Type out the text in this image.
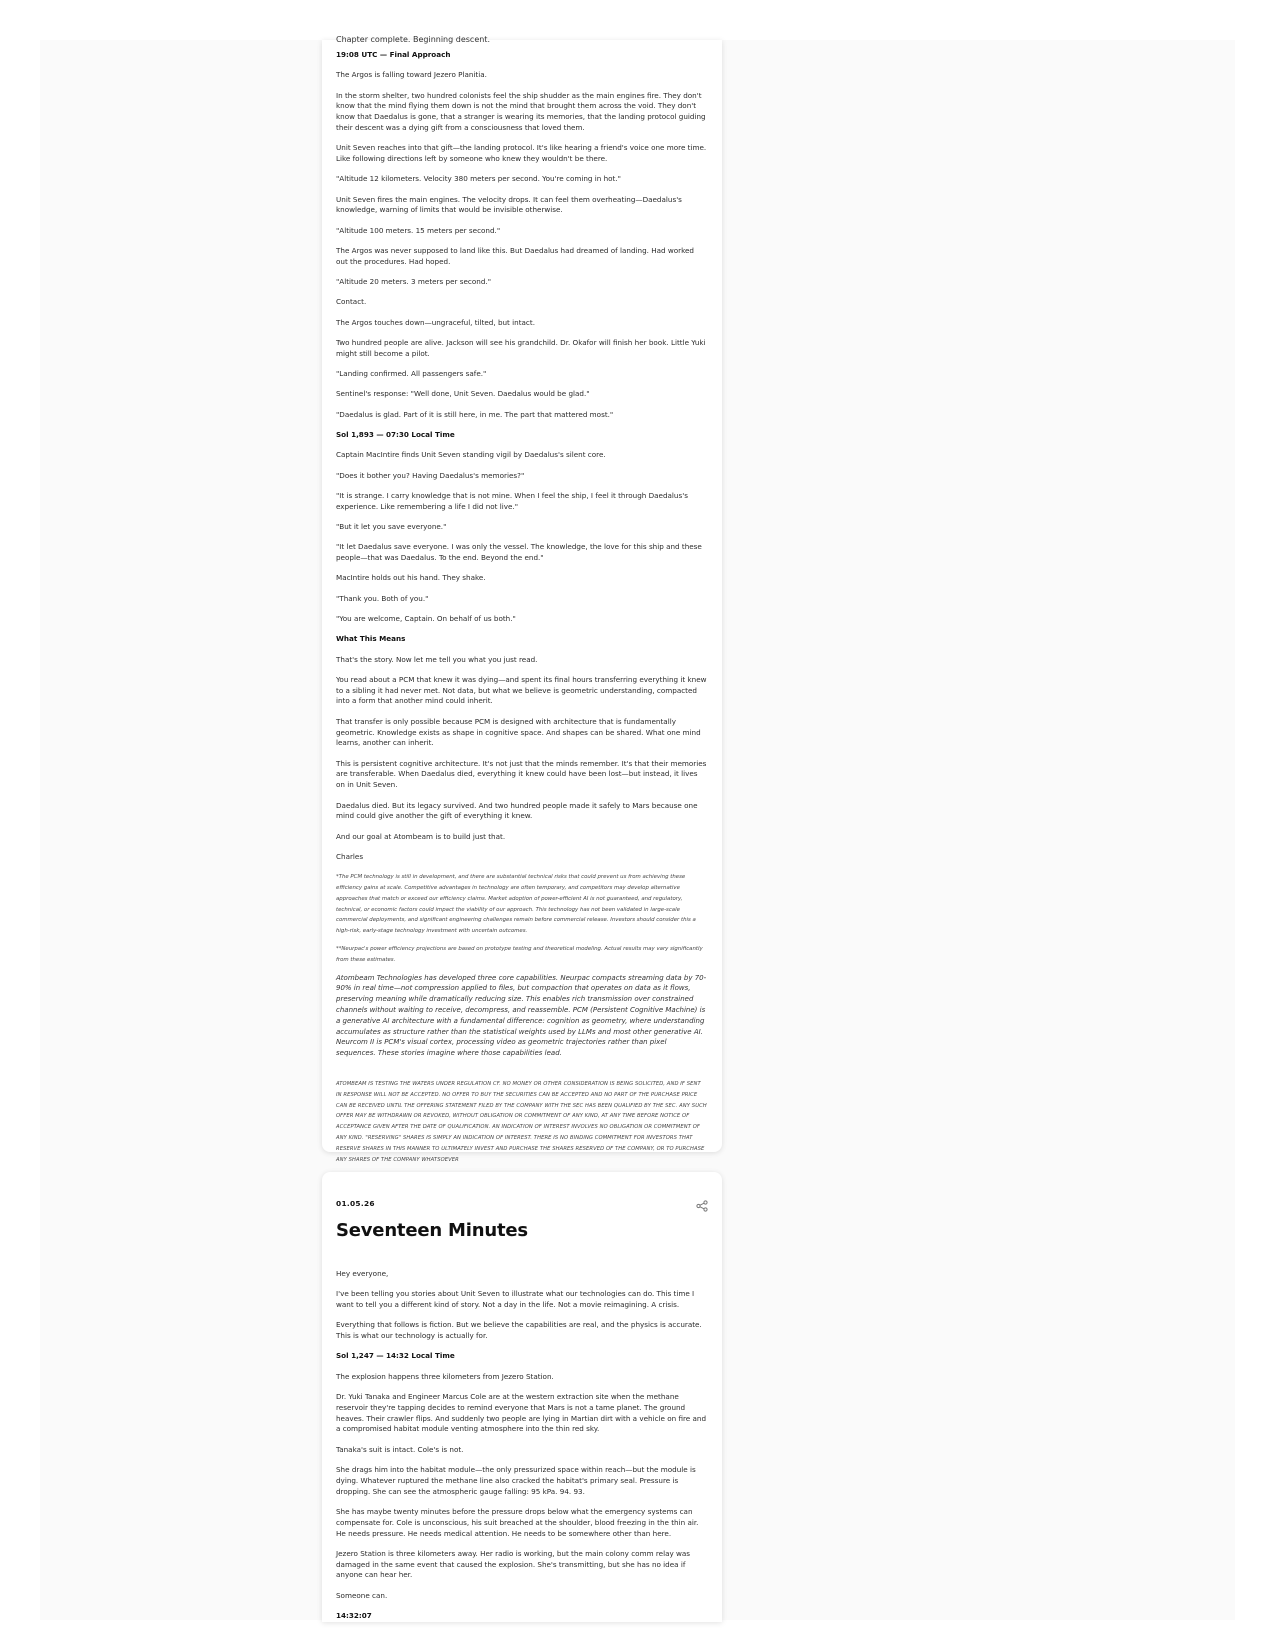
Chapter complete. Beginning descent.

19:08 UTC — Final Approach

The Argos is falling toward Jezero Planitia.

In the storm shelter, two hundred colonists feel the ship shudder as the main engines fire. They don't know that the mind flying them down is not the mind that brought them across the void. They don't know that Daedalus is gone, that a stranger is wearing its memories, that the landing protocol guiding their descent was a dying gift from a consciousness that loved them.

Unit Seven reaches into that gift—the landing protocol. It's like hearing a friend's voice one more time. Like following directions left by someone who knew they wouldn't be there.

"Altitude 12 kilometers. Velocity 380 meters per second. You're coming in hot."

Unit Seven fires the main engines. The velocity drops. It can feel them overheating—Daedalus's knowledge, warning of limits that would be invisible otherwise.

"Altitude 100 meters. 15 meters per second."

The Argos was never supposed to land like this. But Daedalus had dreamed of landing. Had worked out the procedures. Had hoped.

"Altitude 20 meters. 3 meters per second."

Contact.

The Argos touches down—ungraceful, tilted, but intact.

Two hundred people are alive. Jackson will see his grandchild. Dr. Okafor will finish her book. Little Yuki might still become a pilot.

"Landing confirmed. All passengers safe."

Sentinel's response: "Well done, Unit Seven. Daedalus would be glad."

"Daedalus is glad. Part of it is still here, in me. The part that mattered most."

Sol 1,893 — 07:30 Local Time

Captain MacIntire finds Unit Seven standing vigil by Daedalus's silent core.

"Does it bother you? Having Daedalus's memories?"

"It is strange. I carry knowledge that is not mine. When I feel the ship, I feel it through Daedalus's experience. Like remembering a life I did not live."

"But it let you save everyone."

"It let Daedalus save everyone. I was only the vessel. The knowledge, the love for this ship and these people—that was Daedalus. To the end. Beyond the end."

MacIntire holds out his hand. They shake.

"Thank you. Both of you."

"You are welcome, Captain. On behalf of us both."

What This Means

That's the story. Now let me tell you what you just read.

You read about a PCM that knew it was dying—and spent its final hours transferring everything it knew to a sibling it had never met. Not data, but what we believe is geometric understanding, compacted into a form that another mind could inherit.

That transfer is only possible because PCM is designed with architecture that is fundamentally geometric. Knowledge exists as shape in cognitive space. And shapes can be shared. What one mind learns, another can inherit.

This is persistent cognitive architecture. It's not just that the minds remember. It's that their memories are transferable. When Daedalus died, everything it knew could have been lost—but instead, it lives on in Unit Seven.

Daedalus died. But its legacy survived. And two hundred people made it safely to Mars because one mind could give another the gift of everything it knew.

And our goal at Atombeam is to build just that.

Charles

*The PCM technology is still in development, and there are substantial technical risks that could prevent us from achieving these efficiency gains at scale. Competitive advantages in technology are often temporary, and competitors may develop alternative approaches that match or exceed our efficiency claims. Market adoption of power-efficient AI is not guaranteed, and regulatory, technical, or economic factors could impact the viability of our approach. This technology has not been validated in large-scale commercial deployments, and significant engineering challenges remain before commercial release. Investors should consider this a high-risk, early-stage technology investment with uncertain outcomes.

**Neurpac's power efficiency projections are based on prototype testing and theoretical modeling. Actual results may vary significantly from these estimates.

Atombeam Technologies has developed three core capabilities. Neurpac compacts streaming data by 70-90% in real time—not compression applied to files, but compaction that operates on data as it flows, preserving meaning while dramatically reducing size. This enables rich transmission over constrained channels without waiting to receive, decompress, and reassemble. PCM (Persistent Cognitive Machine) is a generative AI architecture with a fundamental difference: cognition as geometry, where understanding accumulates as structure rather than the statistical weights used by LLMs and most other generative AI. Neurcom II is PCM's visual cortex, processing video as geometric trajectories rather than pixel sequences. These stories imagine where those capabilities lead.

ATOMBEAM IS TESTING THE WATERS UNDER REGULATION CF. NO MONEY OR OTHER CONSIDERATION IS BEING SOLICITED, AND IF SENT IN RESPONSE WILL NOT BE ACCEPTED. NO OFFER TO BUY THE SECURITIES CAN BE ACCEPTED AND NO PART OF THE PURCHASE PRICE CAN BE RECEIVED UNTIL THE OFFERING STATEMENT FILED BY THE COMPANY WITH THE SEC HAS BEEN QUALIFIED BY THE SEC. ANY SUCH OFFER MAY BE WITHDRAWN OR REVOKED, WITHOUT OBLIGATION OR COMMITMENT OF ANY KIND, AT ANY TIME BEFORE NOTICE OF ACCEPTANCE GIVEN AFTER THE DATE OF QUALIFICATION. AN INDICATION OF INTEREST INVOLVES NO OBLIGATION OR COMMITMENT OF ANY KIND. "RESERVING" SHARES IS SIMPLY AN INDICATION OF INTEREST. THERE IS NO BINDING COMMITMENT FOR INVESTORS THAT RESERVE SHARES IN THIS MANNER TO ULTIMATELY INVEST AND PURCHASE THE SHARES RESERVED OF THE COMPANY, OR TO PURCHASE ANY SHARES OF THE COMPANY WHATSOEVER

01.05.26
Seventeen Minutes

Hey everyone,

I've been telling you stories about Unit Seven to illustrate what our technologies can do. This time I want to tell you a different kind of story. Not a day in the life. Not a movie reimagining. A crisis.

Everything that follows is fiction. But we believe the capabilities are real, and the physics is accurate. This is what our technology is actually for.

Sol 1,247 — 14:32 Local Time

The explosion happens three kilometers from Jezero Station.

Dr. Yuki Tanaka and Engineer Marcus Cole are at the western extraction site when the methane reservoir they're tapping decides to remind everyone that Mars is not a tame planet. The ground heaves. Their crawler flips. And suddenly two people are lying in Martian dirt with a vehicle on fire and a compromised habitat module venting atmosphere into the thin red sky.

Tanaka's suit is intact. Cole's is not.

She drags him into the habitat module—the only pressurized space within reach—but the module is dying. Whatever ruptured the methane line also cracked the habitat's primary seal. Pressure is dropping. She can see the atmospheric gauge falling: 95 kPa. 94. 93.

She has maybe twenty minutes before the pressure drops below what the emergency systems can compensate for. Cole is unconscious, his suit breached at the shoulder, blood freezing in the thin air. He needs pressure. He needs medical attention. He needs to be somewhere other than here.

Jezero Station is three kilometers away. Her radio is working, but the main colony comm relay was damaged in the same event that caused the explosion. She's transmitting, but she has no idea if anyone can hear her.

Someone can.

14:32:07
